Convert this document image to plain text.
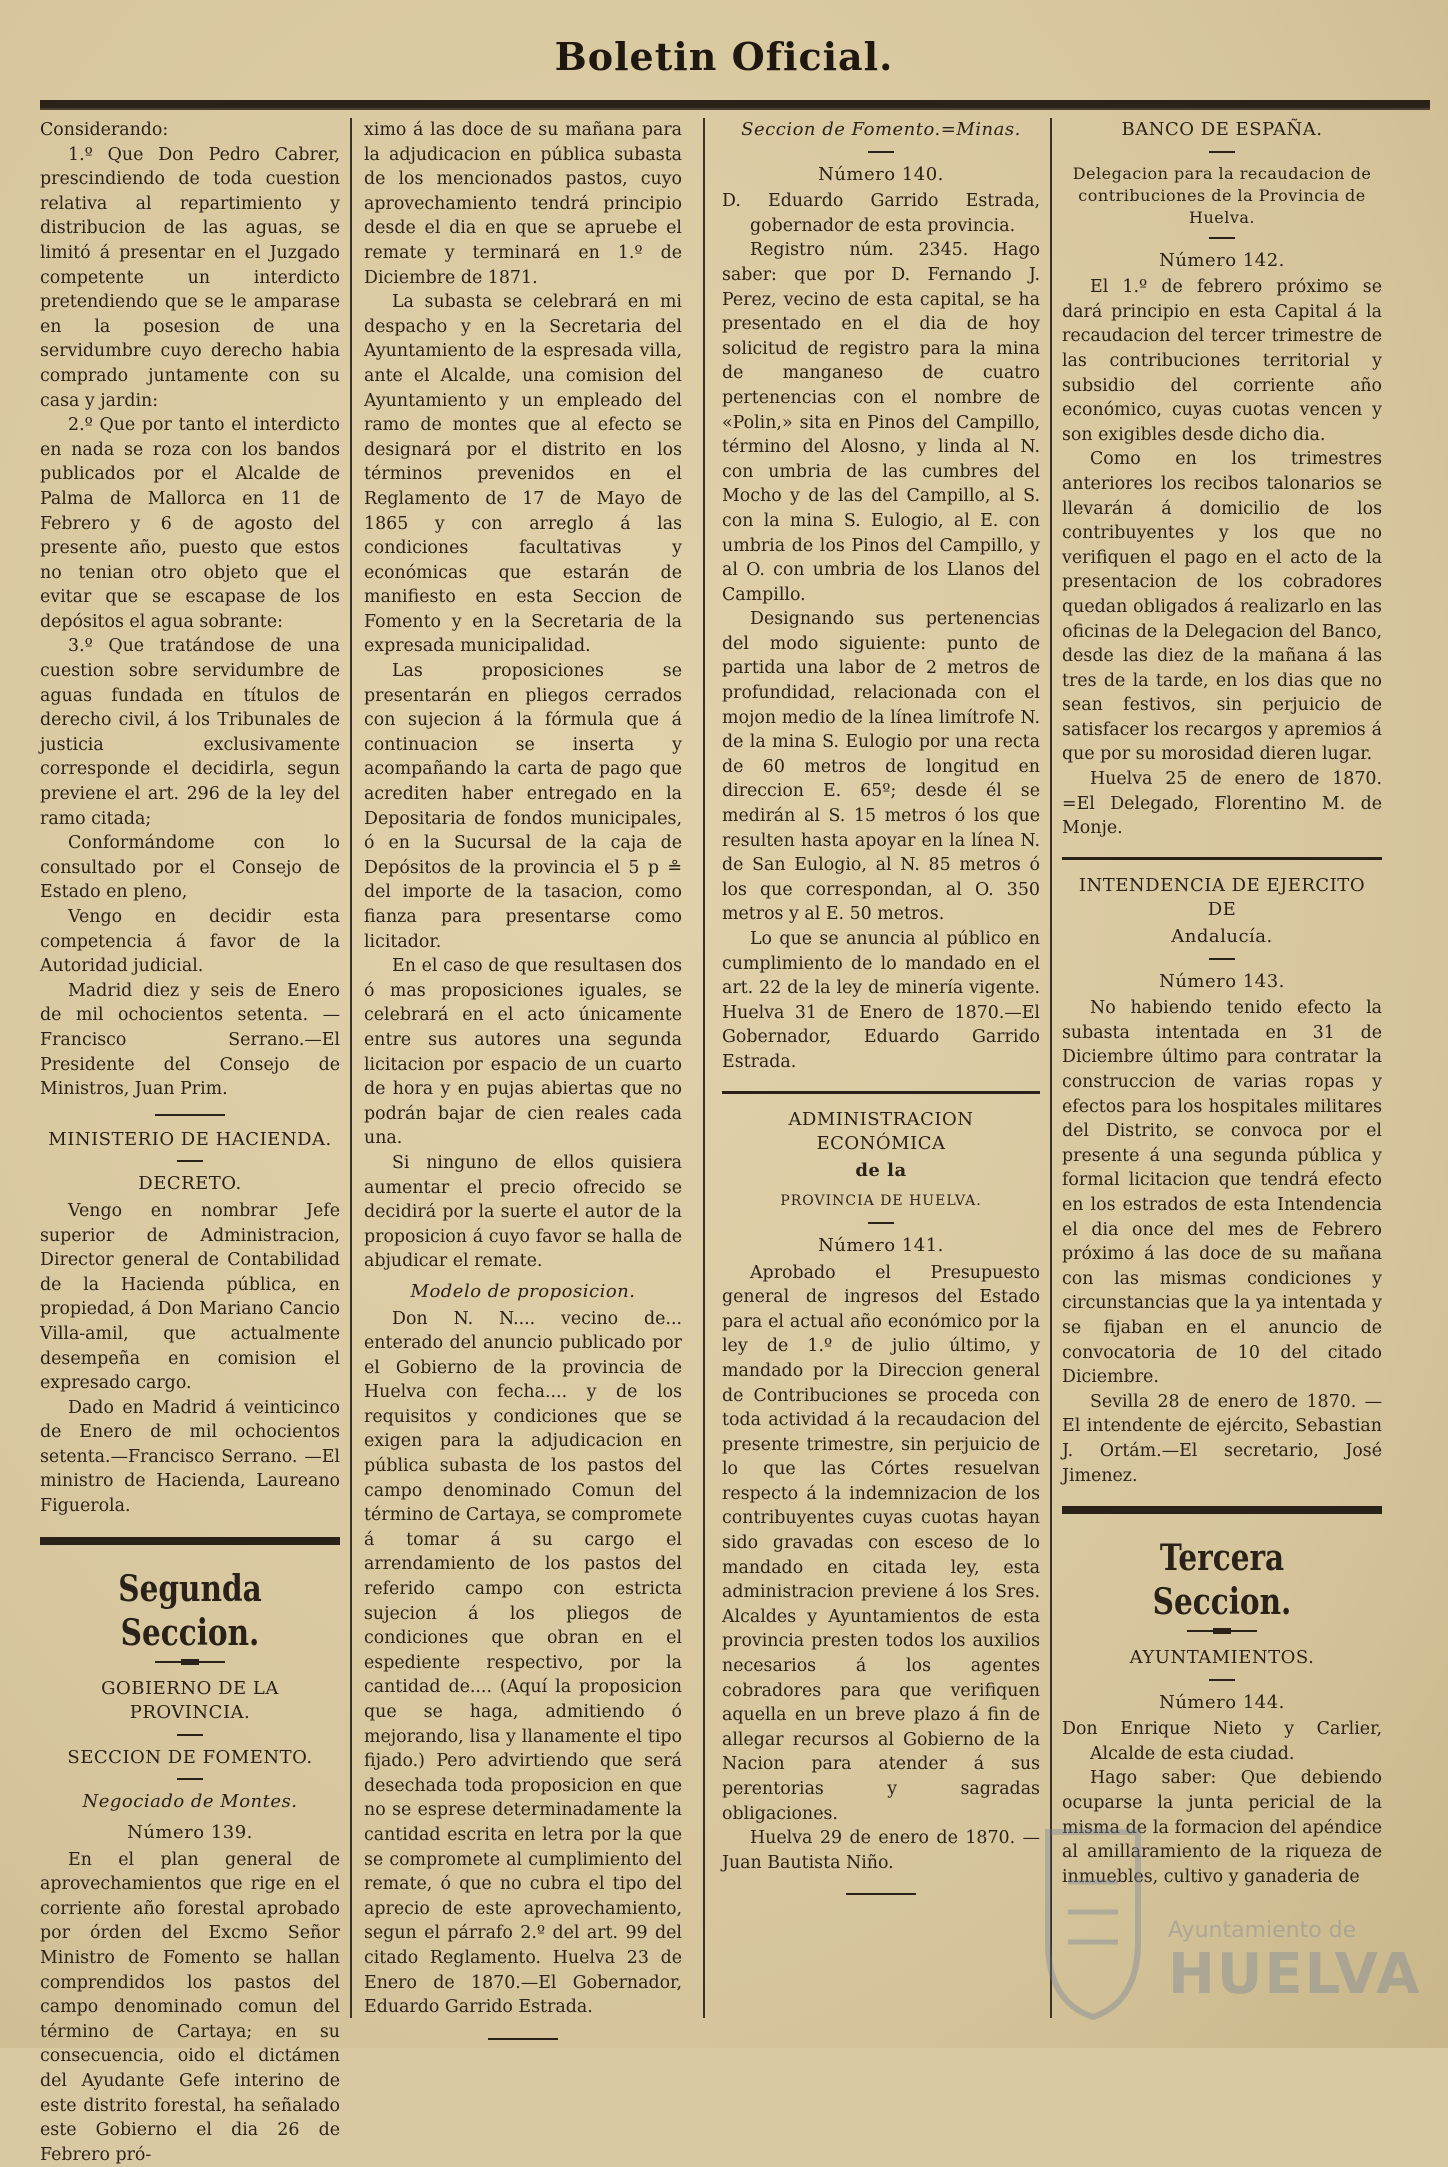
Boletin Oficial.

Considerando:

1.º Que Don Pedro Cabrer, prescindiendo de toda cuestion relativa al repartimiento y distribucion de las aguas, se limitó á presentar en el Juzgado competente un interdicto pretendiendo que se le amparase en la posesion de una servidumbre cuyo derecho habia comprado juntamente con su casa y jardin:

2.º Que por tanto el interdicto en nada se roza con los bandos publicados por el Alcalde de Palma de Mallorca en 11 de Febrero y 6 de agosto del presente año, puesto que estos no tenian otro objeto que el evitar que se escapase de los depósitos el agua sobrante:

3.º Que tratándose de una cuestion sobre servidumbre de aguas fundada en títulos de derecho civil, á los Tribunales de justicia exclusivamente corresponde el decidirla, segun previene el art. 296 de la ley del ramo citada;

Conformándome con lo consultado por el Consejo de Estado en pleno,

Vengo en decidir esta competencia á favor de la Autoridad judicial.

Madrid diez y seis de Enero de mil ochocientos setenta. —Francisco Serrano.—El Presidente del Consejo de Ministros, Juan Prim.

MINISTERIO DE HACIENDA.
DECRETO.

Vengo en nombrar Jefe superior de Administracion, Director general de Contabilidad de la Hacienda pública, en propiedad, á Don Mariano Cancio Villa-amil, que actualmente desempeña en comision el expresado cargo.

Dado en Madrid á veinticinco de Enero de mil ochocientos setenta.—Francisco Serrano. —El ministro de Hacienda, Laureano Figuerola.

Segunda Seccion.
GOBIERNO DE LA PROVINCIA.
SECCION DE FOMENTO.
Negociado de Montes.
Número 139.

En el plan general de aprovechamientos que rige en el corriente año forestal aprobado por órden del Excmo Señor Ministro de Fomento se hallan comprendidos los pastos del campo denominado comun del término de Cartaya; en su consecuencia, oido el dictámen del Ayudante Gefe interino de este distrito forestal, ha señalado este Gobierno el dia 26 de Febrero pró-

ximo á las doce de su mañana para la adjudicacion en pública subasta de los mencionados pastos, cuyo aprovechamiento tendrá principio desde el dia en que se apruebe el remate y terminará en 1.º de Diciembre de 1871.

La subasta se celebrará en mi despacho y en la Secretaria del Ayuntamiento de la espresada villa, ante el Alcalde, una comision del Ayuntamiento y un empleado del ramo de montes que al efecto se designará por el distrito en los términos prevenidos en el Reglamento de 17 de Mayo de 1865 y con arreglo á las condiciones facultativas y económicas que estarán de manifiesto en esta Seccion de Fomento y en la Secretaria de la expresada municipalidad.

Las proposiciones se presentarán en pliegos cerrados con sujecion á la fórmula que á continuacion se inserta y acompañando la carta de pago que acrediten haber entregado en la Depositaria de fondos municipales, ó en la Sucursal de la caja de Depósitos de la provincia el 5 p ≗ del importe de la tasacion, como fianza para presentarse como licitador.

En el caso de que resultasen dos ó mas proposiciones iguales, se celebrará en el acto únicamente entre sus autores una segunda licitacion por espacio de un cuarto de hora y en pujas abiertas que no podrán bajar de cien reales cada una.

Si ninguno de ellos quisiera aumentar el precio ofrecido se decidirá por la suerte el autor de la proposicion á cuyo favor se halla de abjudicar el remate.

Modelo de proposicion.

Don N. N.... vecino de... enterado del anuncio publicado por el Gobierno de la provincia de Huelva con fecha.... y de los requisitos y condiciones que se exigen para la adjudicacion en pública subasta de los pastos del campo denominado Comun del término de Cartaya, se compromete á tomar á su cargo el arrendamiento de los pastos del referido campo con estricta sujecion á los pliegos de condiciones que obran en el espediente respectivo, por la cantidad de.... (Aquí la proposicion que se haga, admitiendo ó mejorando, lisa y llanamente el tipo fijado.) Pero advirtiendo que será desechada toda proposicion en que no se esprese determinadamente la cantidad escrita en letra por la que se compromete al cumplimiento del remate, ó que no cubra el tipo del aprecio de este aprovechamiento, segun el párrafo 2.º del art. 99 del citado Reglamento. Huelva 23 de Enero de 1870.—El Gobernador, Eduardo Garrido Estrada.

Seccion de Fomento.=Minas.
Número 140.

D. Eduardo Garrido Estrada, gobernador de esta provincia.

Registro núm. 2345. Hago saber: que por D. Fernando J. Perez, vecino de esta capital, se ha presentado en el dia de hoy solicitud de registro para la mina de manganeso de cuatro pertenencias con el nombre de «Polin,» sita en Pinos del Campillo, término del Alosno, y linda al N. con umbria de las cumbres del Mocho y de las del Campillo, al S. con la mina S. Eulogio, al E. con umbria de los Pinos del Campillo, y al O. con umbria de los Llanos del Campillo.

Designando sus pertenencias del modo siguiente: punto de partida una labor de 2 metros de profundidad, relacionada con el mojon medio de la línea limítrofe N. de la mina S. Eulogio por una recta de 60 metros de longitud en direccion E. 65º; desde él se medirán al S. 15 metros ó los que resulten hasta apoyar en la línea N. de San Eulogio, al N. 85 metros ó los que correspondan, al O. 350 metros y al E. 50 metros.

Lo que se anuncia al público en cumplimiento de lo mandado en el art. 22 de la ley de minería vigente. Huelva 31 de Enero de 1870.—El Gobernador, Eduardo Garrido Estrada.

ADMINISTRACION ECONÓMICA
de la
PROVINCIA DE HUELVA.
Número 141.

Aprobado el Presupuesto general de ingresos del Estado para el actual año económico por la ley de 1.º de julio último, y mandado por la Direccion general de Contribuciones se proceda con toda actividad á la recaudacion del presente trimestre, sin perjuicio de lo que las Córtes resuelvan respecto á la indemnizacion de los contribuyentes cuyas cuotas hayan sido gravadas con esceso de lo mandado en citada ley, esta administracion previene á los Sres. Alcaldes y Ayuntamientos de esta provincia presten todos los auxilios necesarios á los agentes cobradores para que verifiquen aquella en un breve plazo á fin de allegar recursos al Gobierno de la Nacion para atender á sus perentorias y sagradas obligaciones.

Huelva 29 de enero de 1870. —Juan Bautista Niño.

BANCO DE ESPAÑA.
Delegacion para la recaudacion de contribuciones de la Provincia de Huelva.
Número 142.

El 1.º de febrero próximo se dará principio en esta Capital á la recaudacion del tercer trimestre de las contribuciones territorial y subsidio del corriente año económico, cuyas cuotas vencen y son exigibles desde dicho dia.

Como en los trimestres anteriores los recibos talonarios se llevarán á domicilio de los contribuyentes y los que no verifiquen el pago en el acto de la presentacion de los cobradores quedan obligados á realizarlo en las oficinas de la Delegacion del Banco, desde las diez de la mañana á las tres de la tarde, en los dias que no sean festivos, sin perjuicio de satisfacer los recargos y apremios á que por su morosidad dieren lugar.

Huelva 25 de enero de 1870. =El Delegado, Florentino M. de Monje.

INTENDENCIA DE EJERCITO DE
Andalucía.
Número 143.

No habiendo tenido efecto la subasta intentada en 31 de Diciembre último para contratar la construccion de varias ropas y efectos para los hospitales militares del Distrito, se convoca por el presente á una segunda pública y formal licitacion que tendrá efecto en los estrados de esta Intendencia el dia once del mes de Febrero próximo á las doce de su mañana con las mismas condiciones y circunstancias que la ya intentada y se fijaban en el anuncio de convocatoria de 10 del citado Diciembre.

Sevilla 28 de enero de 1870. —El intendente de ejército, Sebastian J. Ortám.—El secretario, José Jimenez.

Tercera Seccion.
AYUNTAMIENTOS.
Número 144.

Don Enrique Nieto y Carlier, Alcalde de esta ciudad.

Hago saber: Que debiendo ocuparse la junta pericial de la misma de la formacion del apéndice al amillaramiento de la riqueza de inmuebles, cultivo y ganaderia de

Ayuntamiento de
HUELVA
